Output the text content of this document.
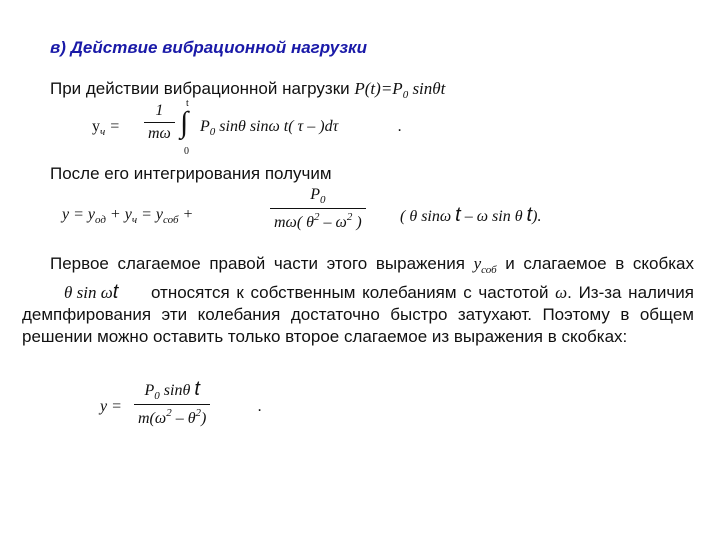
в) Действие вибрационной нагрузки
При действии вибрационной нагрузки $P(t)=P_0$ sinθt
$у_ч = \frac{1}{m\omega}$ t
∫
0
$P_0$ sinθ sinω t( τ – )dτ	.
После его интегрирования получим
$y = y_{од} + y_ч = y_{соб}$ +	$\frac{P_0}{m\omega( \theta^2 - \omega^2 )}$ ( θ sinω t – ω sin θ t).
Первое слагаемое правой части этого выражения $y_{соб}$ и слагаемое в скобках θ sin ωt относятся к собственным колебаниям с частотой ω. Из-за наличия демпфирования эти колебания достаточно быстро затухают. Поэтому в общем решении можно оставить только второе слагаемое из выражения в скобках:
$y = \frac{P_0 \sin\theta t}{m(\omega^2 - \theta^2)}$	.
